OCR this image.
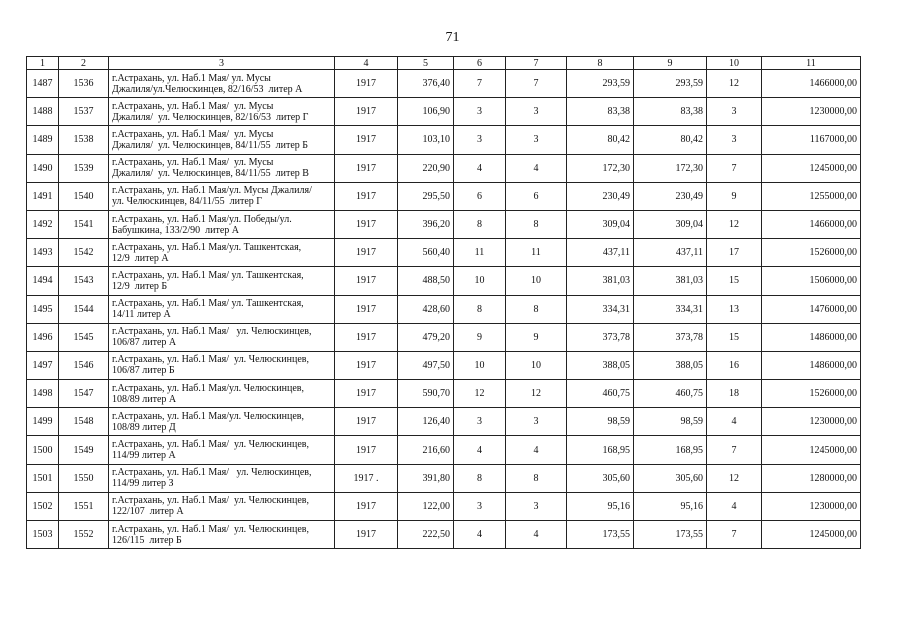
71
1	2	3	4	5	6	7	8	9	10	11
1487	1536	г.Астрахань, ул. Наб.1 Мая/ ул. Мусы
Джалиля/ул.Челюскинцев, 82/16/53  литер А	1917	376,40	7	7	293,59	293,59	12	1466000,00
1488	1537	г.Астрахань, ул. Наб.1 Мая/  ул. Мусы
Джалиля/  ул. Челюскинцев, 82/16/53  литер Г	1917	106,90	3	3	83,38	83,38	3	1230000,00
1489	1538	г.Астрахань, ул. Наб.1 Мая/  ул. Мусы
Джалиля/  ул. Челюскинцев, 84/11/55  литер Б	1917	103,10	3	3	80,42	80,42	3	1167000,00
1490	1539	г.Астрахань, ул. Наб.1 Мая/  ул. Мусы
Джалиля/  ул. Челюскинцев, 84/11/55  литер В	1917	220,90	4	4	172,30	172,30	7	1245000,00
1491	1540	г.Астрахань, ул. Наб.1 Мая/ул. Мусы Джалиля/
ул. Челюскинцев, 84/11/55  литер Г	1917	295,50	6	6	230,49	230,49	9	1255000,00
1492	1541	г.Астрахань, ул. Наб.1 Мая/ул. Победы/ул.
Бабушкина, 133/2/90  литер А	1917	396,20	8	8	309,04	309,04	12	1466000,00
1493	1542	г.Астрахань, ул. Наб.1 Мая/ул. Ташкентская,
12/9  литер А	1917	560,40	11	11	437,11	437,11	17	1526000,00
1494	1543	г.Астрахань, ул. Наб.1 Мая/ ул. Ташкентская,
12/9  литер Б	1917	488,50	10	10	381,03	381,03	15	1506000,00
1495	1544	г.Астрахань, ул. Наб.1 Мая/ ул. Ташкентская,
14/11 литер А	1917	428,60	8	8	334,31	334,31	13	1476000,00
1496	1545	г.Астрахань, ул. Наб.1 Мая/   ул. Челюскинцев,
106/87 литер А	1917	479,20	9	9	373,78	373,78	15	1486000,00
1497	1546	г.Астрахань, ул. Наб.1 Мая/  ул. Челюскинцев,
106/87 литер Б	1917	497,50	10	10	388,05	388,05	16	1486000,00
1498	1547	г.Астрахань, ул. Наб.1 Мая/ул. Челюскинцев,
108/89 литер А	1917	590,70	12	12	460,75	460,75	18	1526000,00
1499	1548	г.Астрахань, ул. Наб.1 Мая/ул. Челюскинцев,
108/89 литер Д	1917	126,40	3	3	98,59	98,59	4	1230000,00
1500	1549	г.Астрахань, ул. Наб.1 Мая/  ул. Челюскинцев,
114/99 литер А	1917	216,60	4	4	168,95	168,95	7	1245000,00
1501	1550	г.Астрахань, ул. Наб.1 Мая/   ул. Челюскинцев,
114/99 литер З	1917 .	391,80	8	8	305,60	305,60	12	1280000,00
1502	1551	г.Астрахань, ул. Наб.1 Мая/  ул. Челюскинцев,
122/107  литер А	1917	122,00	3	3	95,16	95,16	4	1230000,00
1503	1552	г.Астрахань, ул. Наб.1 Мая/  ул. Челюскинцев,
126/115  литер Б	1917	222,50	4	4	173,55	173,55	7	1245000,00
